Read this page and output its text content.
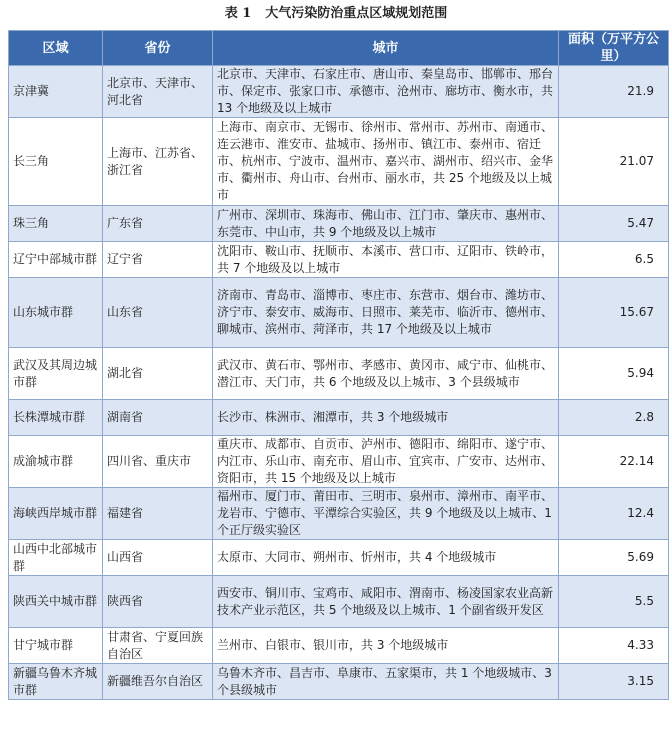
表 1 大气污染防治重点区域规划范围
区域	省份	城市	面积（万平方公里）
京津冀	北京市、天津市、河北省	北京市、天津市、石家庄市、唐山市、秦皇岛市、邯郸市、邢台市、保定市、张家口市、承德市、沧州市、廊坊市、衡水市，共 13 个地级及以上城市	21.9
长三角	上海市、江苏省、浙江省	上海市、南京市、无锡市、徐州市、常州市、苏州市、南通市、连云港市、淮安市、盐城市、扬州市、镇江市、泰州市、宿迁市、杭州市、宁波市、温州市、嘉兴市、湖州市、绍兴市、金华市、衢州市、舟山市、台州市、丽水市，共 25 个地级及以上城市	21.07
珠三角	广东省	广州市、深圳市、珠海市、佛山市、江门市、肇庆市、惠州市、东莞市、中山市，共 9 个地级及以上城市	5.47
辽宁中部城市群	辽宁省	沈阳市、鞍山市、抚顺市、本溪市、营口市、辽阳市、铁岭市，共 7 个地级及以上城市	6.5
山东城市群	山东省	济南市、青岛市、淄博市、枣庄市、东营市、烟台市、潍坊市、济宁市、泰安市、威海市、日照市、莱芜市、临沂市、德州市、聊城市、滨州市、菏泽市，共 17 个地级及以上城市	15.67
武汉及其周边城市群	湖北省	武汉市、黄石市、鄂州市、孝感市、黄冈市、咸宁市、仙桃市、潜江市、天门市，共 6 个地级及以上城市、3 个县级城市	5.94
长株潭城市群	湖南省	长沙市、株洲市、湘潭市，共 3 个地级城市	2.8
成渝城市群	四川省、重庆市	重庆市、成都市、自贡市、泸州市、德阳市、绵阳市、遂宁市、内江市、乐山市、南充市、眉山市、宜宾市、广安市、达州市、资阳市，共 15 个地级及以上城市	22.14
海峡西岸城市群	福建省	福州市、厦门市、莆田市、三明市、泉州市、漳州市、南平市、龙岩市、宁德市、平潭综合实验区，共 9 个地级及以上城市、1 个正厅级实验区	12.4
山西中北部城市群	山西省	太原市、大同市、朔州市、忻州市，共 4 个地级城市	5.69
陕西关中城市群	陕西省	西安市、铜川市、宝鸡市、咸阳市、渭南市、杨凌国家农业高新技术产业示范区，共 5 个地级及以上城市、1 个副省级开发区	5.5
甘宁城市群	甘肃省、宁夏回族自治区	兰州市、白银市、银川市，共 3 个地级城市	4.33
新疆乌鲁木齐城市群	新疆维吾尔自治区	乌鲁木齐市、昌吉市、阜康市、五家渠市，共 1 个地级城市、3 个县级城市	3.15
